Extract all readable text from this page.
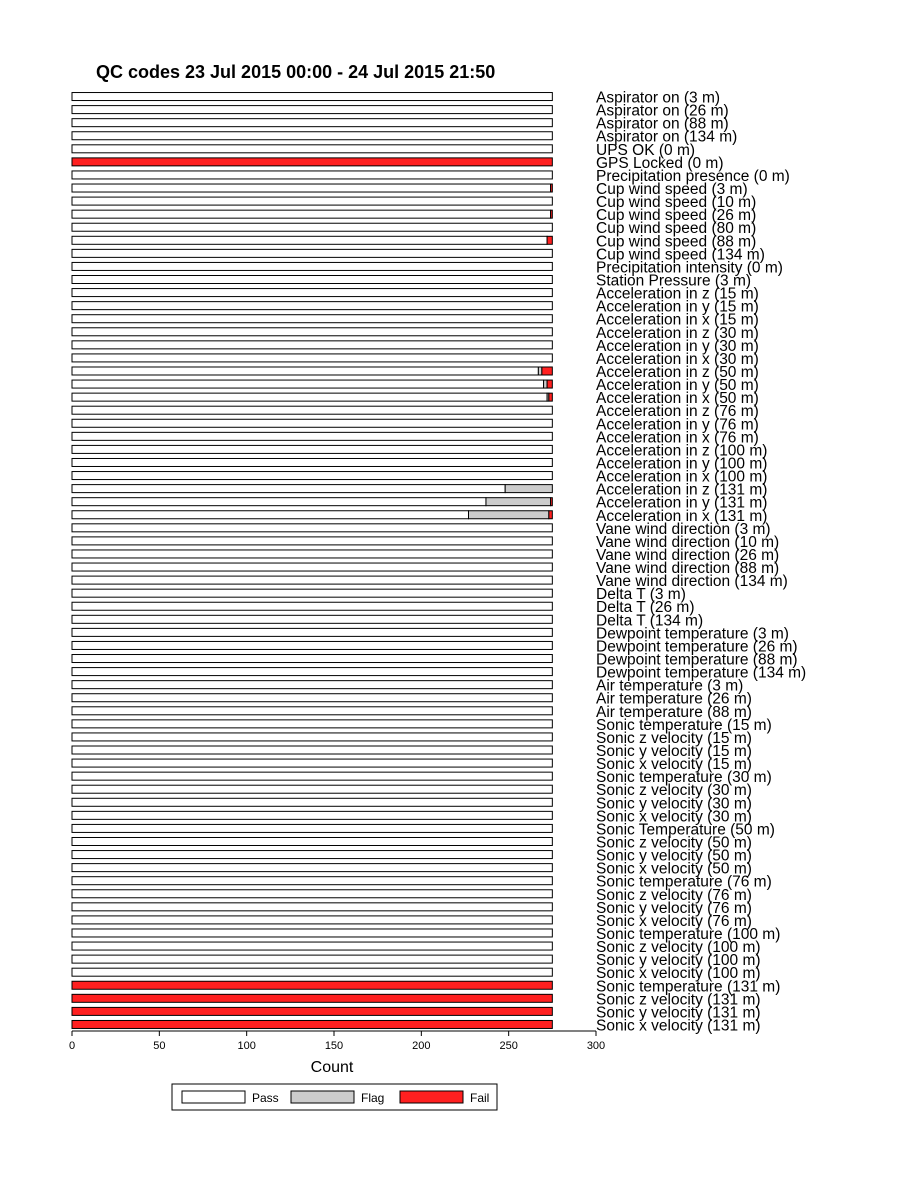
QC codes 23 Jul 2015 00:00 - 24 Jul 2015 21:50
Aspirator on (3 m)
Aspirator on (26 m)
Aspirator on (88 m)
Aspirator on (134 m)
UPS OK (0 m)
GPS Locked (0 m)
Precipitation presence (0 m)
Cup wind speed (3 m)
Cup wind speed (10 m)
Cup wind speed (26 m)
Cup wind speed (80 m)
Cup wind speed (88 m)
Cup wind speed (134 m)
Precipitation intensity (0 m)
Station Pressure (3 m)
Acceleration in z (15 m)
Acceleration in y (15 m)
Acceleration in x (15 m)
Acceleration in z (30 m)
Acceleration in y (30 m)
Acceleration in x (30 m)
Acceleration in z (50 m)
Acceleration in y (50 m)
Acceleration in x (50 m)
Acceleration in z (76 m)
Acceleration in y (76 m)
Acceleration in x (76 m)
Acceleration in z (100 m)
Acceleration in y (100 m)
Acceleration in x (100 m)
Acceleration in z (131 m)
Acceleration in y (131 m)
Acceleration in x (131 m)
Vane wind direction (3 m)
Vane wind direction (10 m)
Vane wind direction (26 m)
Vane wind direction (88 m)
Vane wind direction (134 m)
Delta T (3 m)
Delta T (26 m)
Delta T (134 m)
Dewpoint temperature (3 m)
Dewpoint temperature (26 m)
Dewpoint temperature (88 m)
Dewpoint temperature (134 m)
Air temperature (3 m)
Air temperature (26 m)
Air temperature (88 m)
Sonic temperature (15 m)
Sonic z velocity (15 m)
Sonic y velocity (15 m)
Sonic x velocity (15 m)
Sonic temperature (30 m)
Sonic z velocity (30 m)
Sonic y velocity (30 m)
Sonic x velocity (30 m)
Sonic Temperature (50 m)
Sonic z velocity (50 m)
Sonic y velocity (50 m)
Sonic x velocity (50 m)
Sonic temperature (76 m)
Sonic z velocity (76 m)
Sonic y velocity (76 m)
Sonic x velocity (76 m)
Sonic temperature (100 m)
Sonic z velocity (100 m)
Sonic y velocity (100 m)
Sonic x velocity (100 m)
Sonic temperature (131 m)
Sonic z velocity (131 m)
Sonic y velocity (131 m)
Sonic x velocity (131 m)
0	50	100	150	200	250	300
Count
Pass	Flag	Fail
